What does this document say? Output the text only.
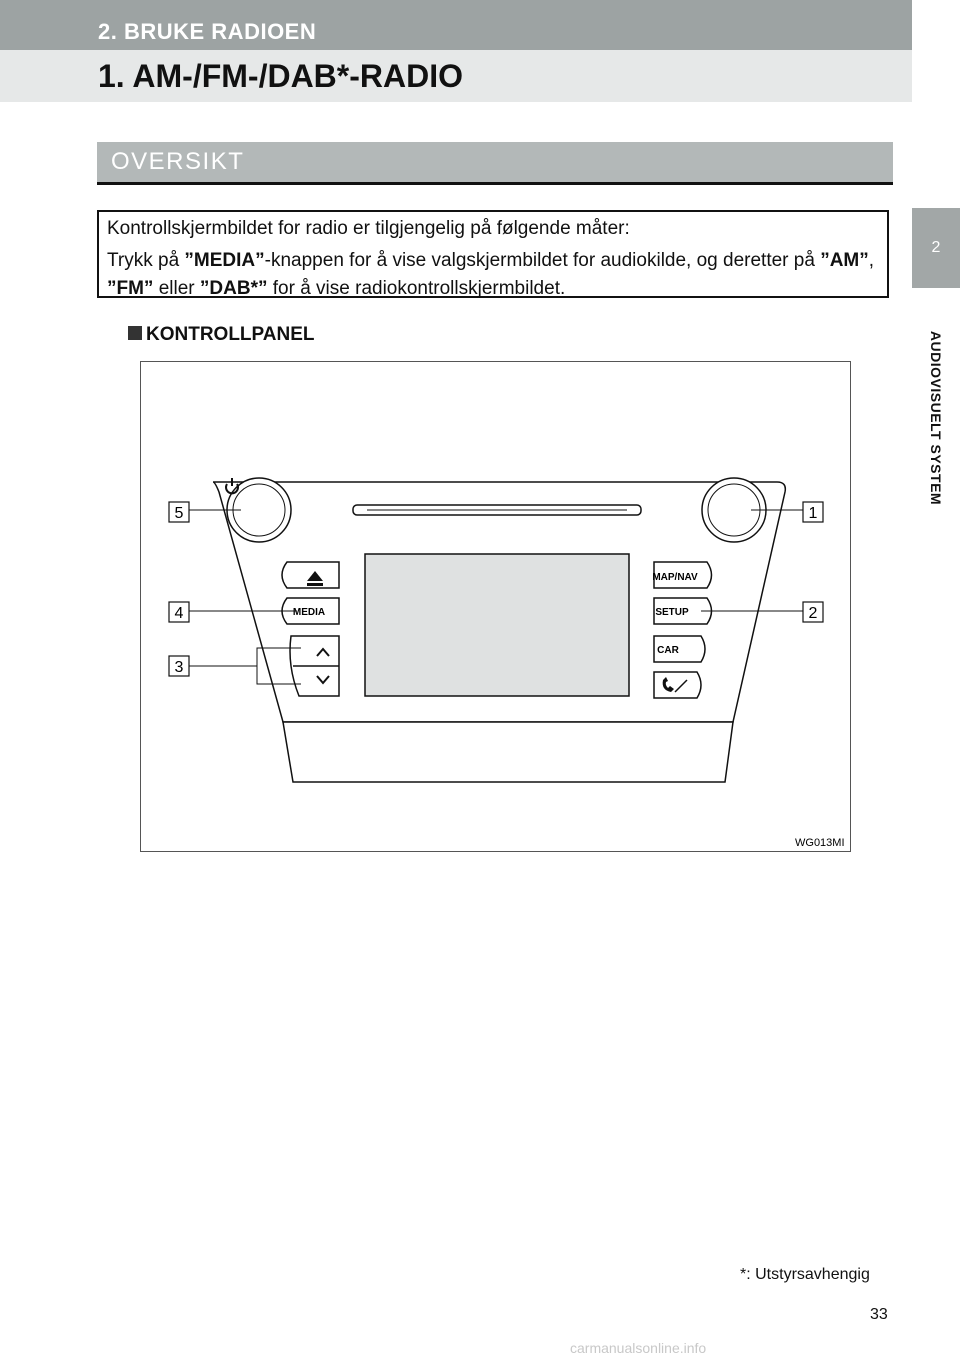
2. BRUKE RADIOEN
1. AM-/FM-/DAB*-RADIO
2
AUDIOVISUELT SYSTEM
OVERSIKT

Kontrollskjermbildet for radio er tilgjengelig på følgende måter:

Trykk på ”MEDIA”-knappen for å vise valgskjermbildet for audiokilde, og deretter på ”AM”, ”FM” eller ”DAB*” for å vise radiokontrollskjermbildet.

KONTROLLPANEL
MEDIA
MAP/NAV
SETUP
CAR
5
4
3
1
2
WG013MI
*: Utstyrsavhengig
33
carmanualsonline.info
